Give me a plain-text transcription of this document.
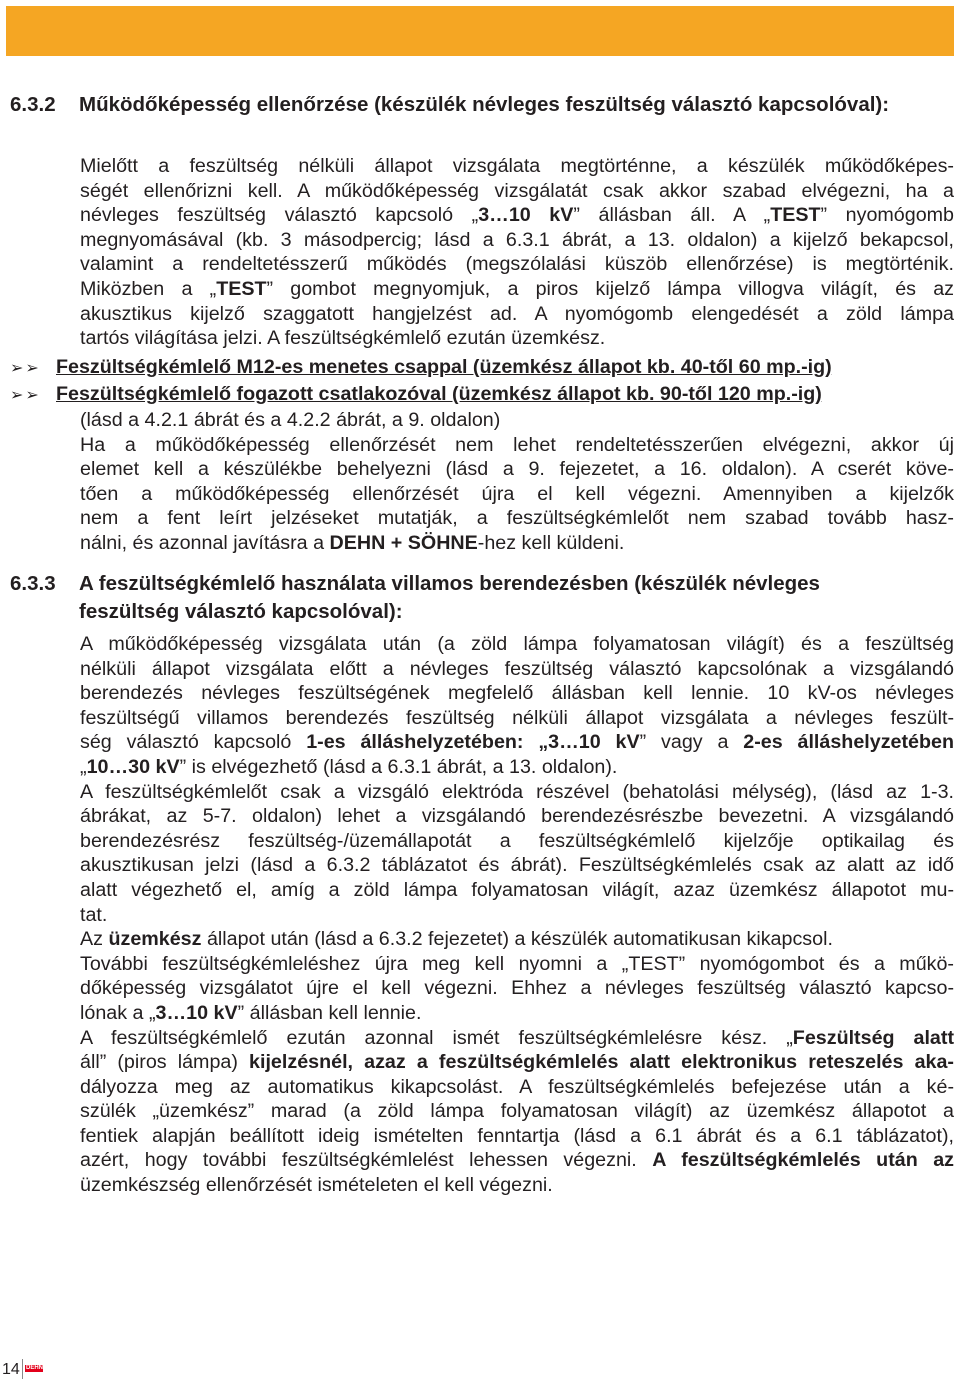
6.3.2 Működőképesség ellenőrzése (készülék névleges feszültség választó kapcsolóval):

Mielőtt a feszültség nélküli állapot vizsgálata megtörténne, a készülék működőképes-
ségét ellenőrizni kell. A működőképesség vizsgálatát csak akkor szabad elvégezni, ha a
névleges feszültség választó kapcsoló „3…10 kV” állásban áll. A „TEST” nyomógomb
megnyomásával (kb. 3 másodpercig; lásd a 6.3.1 ábrát, a 13. oldalon) a kijelző bekapcsol,
valamint a rendeltetésszerű működés (megszólalási küszöb ellenőrzése) is megtörténik.
Miközben a „TEST” gombot megnyomjuk, a piros kijelző lámpa villogva világít, és az
akusztikus kijelző szaggatott hangjelzést ad. A nyomógomb elengedését a zöld lámpa
tartós világítása jelzi. A feszültségkémlelő ezután üzemkész.

➢➢ Feszültségkémlelő M12-es menetes csappal (üzemkész állapot kb. 40-től 60 mp.-ig)
➢➢ Feszültségkémlelő fogazott csatlakozóval (üzemkész állapot kb. 90-től 120 mp.-ig)

(lásd a 4.2.1 ábrát és a 4.2.2 ábrát, a 9. oldalon)
Ha a működőképesség ellenőrzését nem lehet rendeltetésszerűen elvégezni, akkor új
elemet kell a készülékbe behelyezni (lásd a 9. fejezetet, a 16. oldalon). A cserét köve-
tően a működőképesség ellenőrzését újra el kell végezni. Amennyiben a kijelzők
nem a fent leírt jelzéseket mutatják, a feszültségkémlelőt nem szabad tovább hasz-
nálni, és azonnal javításra a DEHN + SÖHNE-hez kell küldeni.

6.3.3 A feszültségkémlelő használata villamos berendezésben (készülék névleges
feszültség választó kapcsolóval):

A működőképesség vizsgálata után (a zöld lámpa folyamatosan világít) és a feszültség
nélküli állapot vizsgálata előtt a névleges feszültség választó kapcsolónak a vizsgálandó
berendezés névleges feszültségének megfelelő állásban kell lennie. 10 kV-os névleges
feszültségű villamos berendezés feszültség nélküli állapot vizsgálata a névleges feszült-
ség választó kapcsoló 1-es álláshelyzetében: „3…10 kV” vagy a 2-es álláshelyzetében
„10…30 kV” is elvégezhető (lásd a 6.3.1 ábrát, a 13. oldalon).
A feszültségkémlelőt csak a vizsgáló elektróda részével (behatolási mélység), (lásd az 1-3.
ábrákat, az 5-7. oldalon) lehet a vizsgálandó berendezésrészbe bevezetni. A vizsgálandó
berendezésrész feszültség-/üzemállapotát a feszültségkémlelő kijelzője optikailag és
akusztikusan jelzi (lásd a 6.3.2 táblázatot és ábrát). Feszültségkémlelés csak az alatt az idő
alatt végezhető el, amíg a zöld lámpa folyamatosan világít, azaz üzemkész állapotot mu-
tat.
Az üzemkész állapot után (lásd a 6.3.2 fejezetet) a készülék automatikusan kikapcsol.
További feszültségkémleléshez újra meg kell nyomni a „TEST” nyomógombot és a műkö-
dőképesség vizsgálatot újre el kell végezni. Ehhez a névleges feszültség választó kapcso-
lónak a „3…10 kV” állásban kell lennie.
A feszültségkémlelő ezután azonnal ismét feszültségkémlelésre kész. „Feszültség alatt
áll” (piros lámpa) kijelzésnél, azaz a feszültségkémlelés alatt elektronikus reteszelés aka-
dályozza meg az automatikus kikapcsolást. A feszültségkémlelés befejezése után a ké-
szülék „üzemkész” marad (a zöld lámpa folyamatosan világít) az üzemkész állapotot a
fentiek alapján beállított ideig ismételten fenntartja (lásd a 6.1 ábrát és a 6.1 táblázatot),
azért, hogy további feszültségkémlelést lehessen végezni. A feszültségkémlelés után az
üzemkészség ellenőrzését ismételeten el kell végezni.

14 DEHN
